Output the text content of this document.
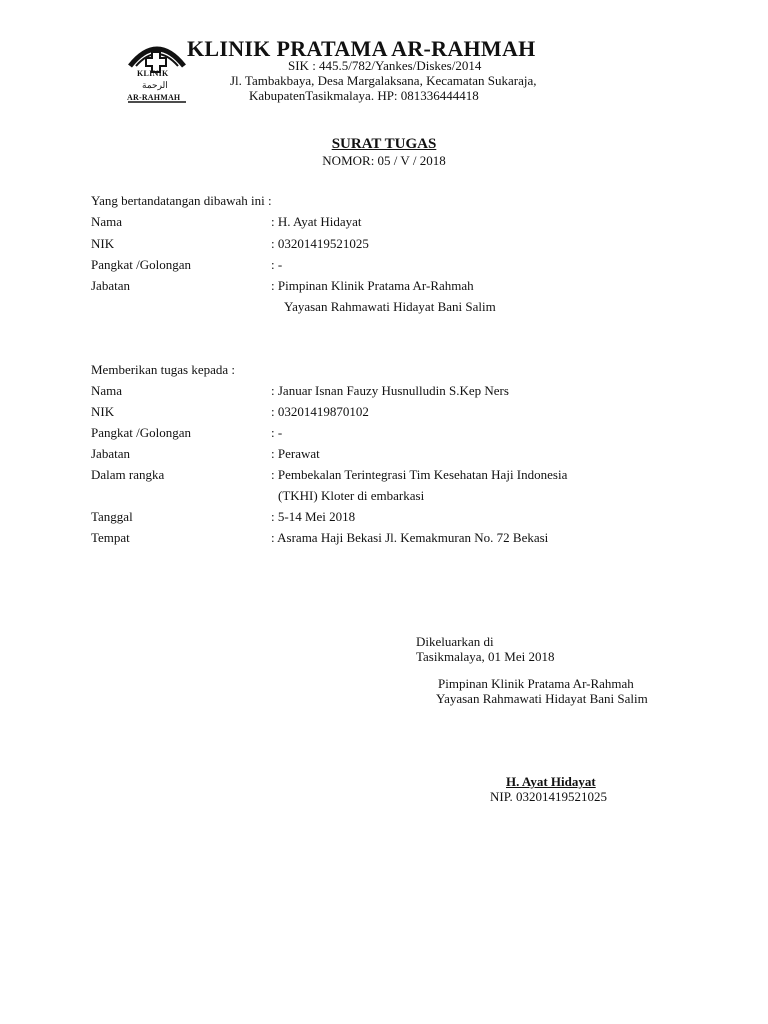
KLINIK
الرحمة
AR-RAHMAH
KLINIK PRATAMA AR-RAHMAH
SIK : 445.5/782/Yankes/Diskes/2014
Jl. Tambakbaya, Desa Margalaksana, Kecamatan Sukaraja,
KabupatenTasikmalaya. HP: 081336444418
SURAT TUGAS
NOMOR: 05 / V / 2018
Yang bertandatangan dibawah ini :
Nama	: H. Ayat Hidayat
NIK	: 03201419521025
Pangkat /Golongan	: -
Jabatan	: Pimpinan Klinik Pratama Ar-Rahmah
Yayasan Rahmawati Hidayat Bani Salim
Memberikan tugas kepada :
Nama	: Januar Isnan Fauzy Husnulludin S.Kep Ners
NIK	: 03201419870102
Pangkat /Golongan	: -
Jabatan	: Perawat
Dalam rangka	: Pembekalan Terintegrasi Tim Kesehatan Haji Indonesia
(TKHI) Kloter di embarkasi
Tanggal	: 5-14 Mei 2018
Tempat	: Asrama Haji Bekasi Jl. Kemakmuran No. 72 Bekasi
Dikeluarkan di
Tasikmalaya, 01 Mei 2018
Pimpinan Klinik Pratama Ar-Rahmah
Yayasan Rahmawati Hidayat Bani Salim
H. Ayat Hidayat
NIP. 03201419521025
